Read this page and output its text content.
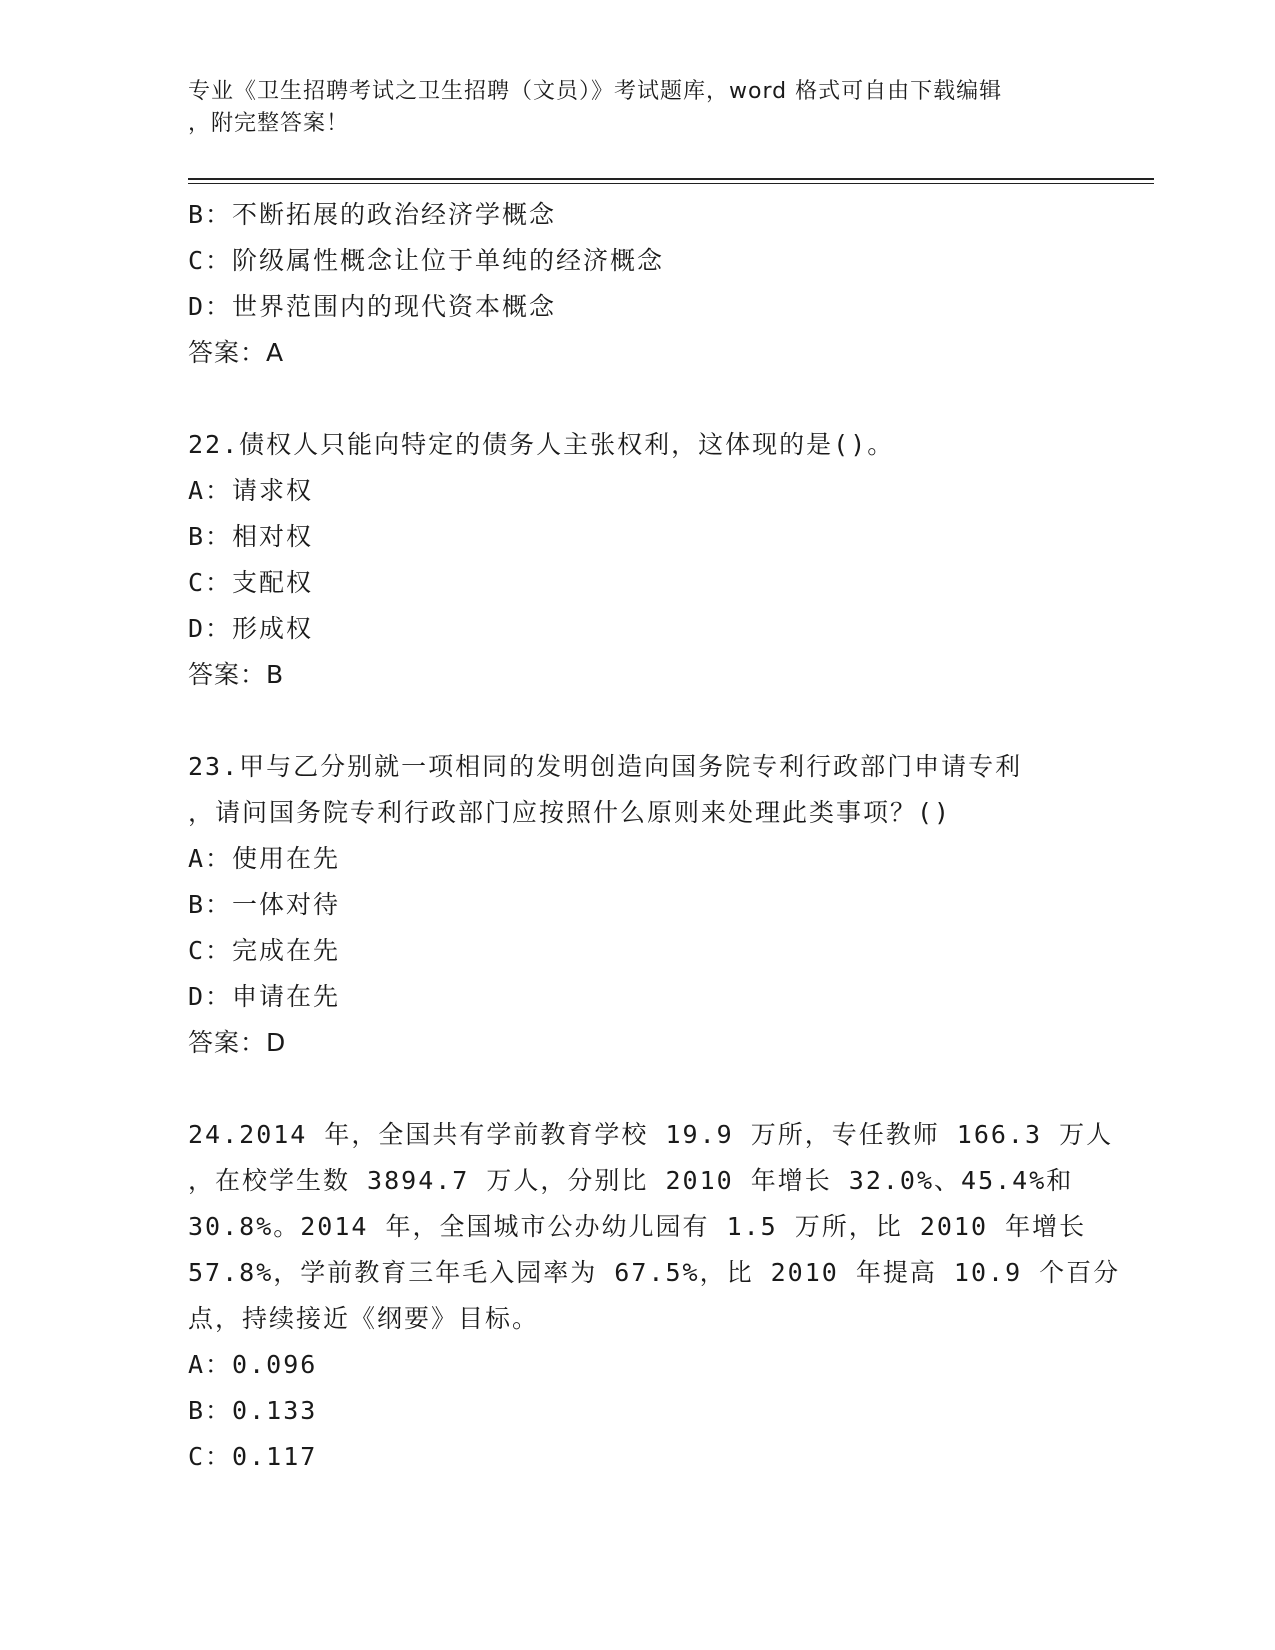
专业《卫生招聘考试之卫生招聘（文员）》考试题库，word 格式可自由下载编辑
，附完整答案！
B：不断拓展的政治经济学概念
C：阶级属性概念让位于单纯的经济概念
D：世界范围内的现代资本概念
答案：A
22.债权人只能向特定的债务人主张权利，这体现的是()。
A：请求权
B：相对权
C：支配权
D：形成权
答案：B
23.甲与乙分别就一项相同的发明创造向国务院专利行政部门申请专利
，请问国务院专利行政部门应按照什么原则来处理此类事项？()
A：使用在先
B：一体对待
C：完成在先
D：申请在先
答案：D
24.2014 年，全国共有学前教育学校 19.9 万所，专任教师 166.3 万人
，在校学生数 3894.7 万人，分别比 2010 年增长 32.0%、45.4%和
30.8%。2014 年，全国城市公办幼儿园有 1.5 万所，比 2010 年增长
57.8%，学前教育三年毛入园率为 67.5%，比 2010 年提高 10.9 个百分
点，持续接近《纲要》目标。
A：0.096
B：0.133
C：0.117
